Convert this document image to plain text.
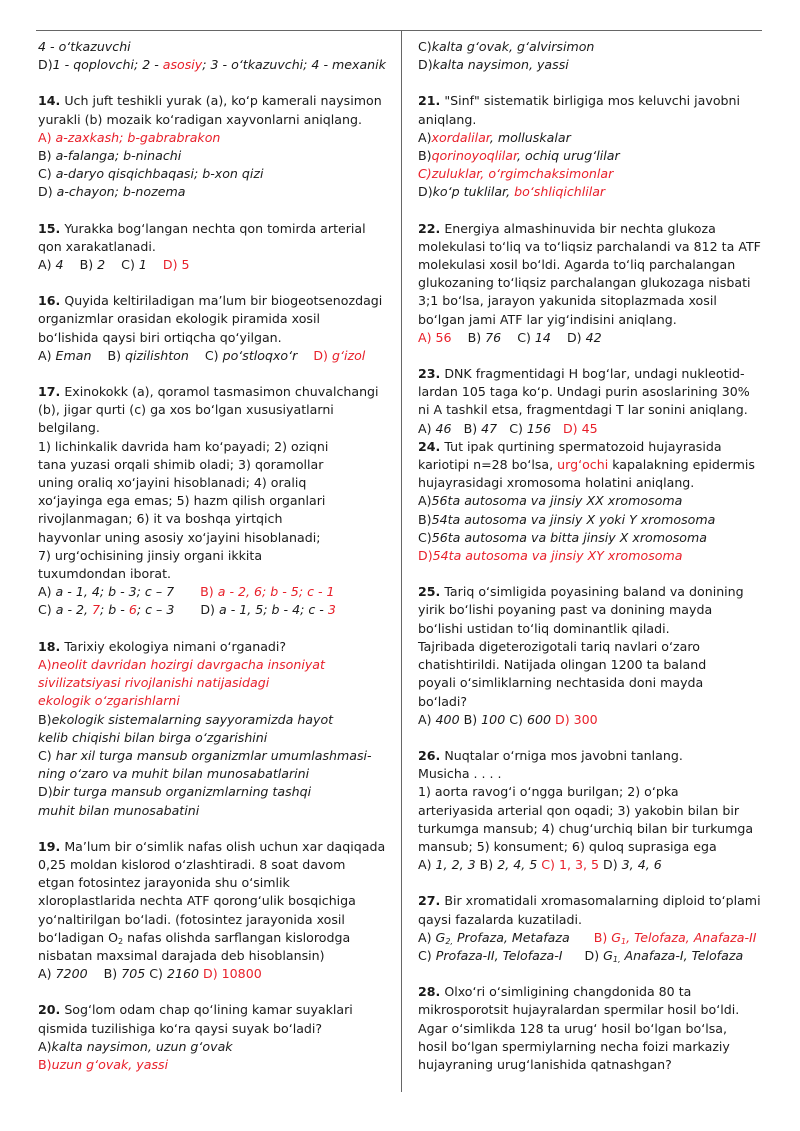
4 - o‘tkazuvchi
D)1 - qoplovchi; 2 - asosiy; 3 - o‘tkazuvchi; 4 - mexanik
14. Uch juft teshikli yurak (a), ko‘p kamerali naysimon
yurakli (b) mozaik ko‘radigan xayvonlarni aniqlang.
A) a-zaxkash; b-gabrabrakon
B) a-falanga; b-ninachi
C) a-daryo qisqichbaqasi; b-xon qizi
D) a-chayon; b-nozema
15. Yurakka bog‘langan nechta qon tomirda arterial
qon xarakatlanadi.
A) 4 B) 2 C) 1 D) 5
16. Quyida keltiriladigan ma’lum bir biogeotsenozdagi
organizmlar orasidan ekologik piramida xosil
bo‘lishida qaysi biri ortiqcha qo‘yilgan.
A) Eman B) qizilishton C) po‘stloqxo‘r D) g‘izol
17. Exinokokk (a), qoramol tasmasimon chuvalchangi
(b), jigar qurti (c) ga xos bo‘lgan xususiyatlarni
belgilang.
1) lichinkalik davrida ham ko‘payadi; 2) oziqni
tana yuzasi orqali shimib oladi; 3) qoramollar
uning oraliq xo‘jayini hisoblanadi; 4) oraliq
xo‘jayinga ega emas; 5) hazm qilish organlari
rivojlanmagan; 6) it va boshqa yirtqich
hayvonlar uning asosiy xo‘jayini hisoblanadi;
7) urg‘ochisining jinsiy organi ikkita
tuxumdondan iborat.
A) a - 1, 4; b - 3; c – 7 B) a - 2, 6; b - 5; c - 1
C) a - 2, 7; b - 6; c – 3 D) a - 1, 5; b - 4; c - 3
18. Tarixiy ekologiya nimani o‘rganadi?
A)neolit davridan hozirgi davrgacha insoniyat
sivilizatsiyasi rivojlanishi natijasidagi
ekologik o‘zgarishlarni
B)ekologik sistemalarning sayyoramizda hayot
kelib chiqishi bilan birga o‘zgarishini
C) har xil turga mansub organizmlar umumlashmasi-
ning o‘zaro va muhit bilan munosabatlarini
D)bir turga mansub organizmlarning tashqi
muhit bilan munosabatini
19. Ma’lum bir o‘simlik nafas olish uchun xar daqiqada
0,25 moldan kislorod o‘zlashtiradi. 8 soat davom
etgan fotosintez jarayonida shu o‘simlik
xloroplastlarida nechta ATF qorong‘ulik bosqichiga
yo‘naltirilgan bo‘ladi. (fotosintez jarayonida xosil
bo‘ladigan $O_2$ nafas olishda sarflangan kislorodga
nisbatan maxsimal darajada deb hisoblansin)
A) 7200 B) 705 C) 2160 D) 10800
20. Sog‘lom odam chap qo‘lining kamar suyaklari
qismida tuzilishiga ko‘ra qaysi suyak bo‘ladi?
A)kalta naysimon, uzun g‘ovak
B)uzun g‘ovak, yassi
C)kalta g‘ovak, g‘alvirsimon
D)kalta naysimon, yassi
21. "Sinf" sistematik birligiga mos keluvchi javobni
aniqlang.
A)xordalilar, molluskalar
B)qorinoyoqlilar, ochiq urug‘lilar
C)zuluklar, o‘rgimchaksimonlar
D)ko‘p tuklilar, bo‘shliqichlilar
22. Energiya almashinuvida bir nechta glukoza
molekulasi to‘liq va to‘liqsiz parchalandi va 812 ta ATF
molekulasi xosil bo‘ldi. Agarda to‘liq parchalangan
glukozaning to‘liqsiz parchalangan glukozaga nisbati
3;1 bo‘lsa, jarayon yakunida sitoplazmada xosil
bo‘lgan jami ATF lar yig‘indisini aniqlang.
A) 56 B) 76 C) 14 D) 42
23. DNK fragmentidagi H bog‘lar, undagi nukleotid-
lardan 105 taga ko‘p. Undagi purin asoslarining 30%
ni A tashkil etsa, fragmentdagi T lar sonini aniqlang.
A) 46 B) 47 C) 156 D) 45
24. Tut ipak qurtining spermatozoid hujayrasida
kariotipi n=28 bo‘lsa, urg‘ochi kapalakning epidermis
hujayrasidagi xromosoma holatini aniqlang.
A)56ta autosoma va jinsiy XX xromosoma
B)54ta autosoma va jinsiy X yoki Y xromosoma
C)56ta autosoma va bitta jinsiy X xromosoma
D)54ta autosoma va jinsiy XY xromosoma
25. Tariq o‘simligida poyasining baland va donining
yirik bo‘lishi poyaning past va donining mayda
bo‘lishi ustidan to‘liq dominantlik qiladi.
Tajribada digeterozigotali tariq navlari o‘zaro
chatishtirildi. Natijada olingan 1200 ta baland
poyali o‘simliklarning nechtasida doni mayda
bo‘ladi?
A) 400 B) 100 C) 600 D) 300
26. Nuqtalar o‘rniga mos javobni tanlang.
Musicha . . . .
1) aorta ravog‘i o‘ngga burilgan; 2) o‘pka
arteriyasida arterial qon oqadi; 3) yakobin bilan bir
turkumga mansub; 4) chug‘urchiq bilan bir turkumga
mansub; 5) konsument; 6) quloq suprasiga ega
A) 1, 2, 3 B) 2, 4, 5 C) 1, 3, 5 D) 3, 4, 6
27. Bir xromatidali xromasomalarning diploid to‘plami
qaysi fazalarda kuzatiladi.
A) $G_{2,}$ Profaza, Metafaza B) $G_1$, Telofaza, Anafaza-II
C) Profaza-II, Telofaza-I D) $G_{1,}$ Anafaza-I, Telofaza
28. Olxo‘ri o‘simligining changdonida 80 ta
mikrosporotsit hujayralardan spermilar hosil bo‘ldi.
Agar o‘simlikda 128 ta urug‘ hosil bo‘lgan bo‘lsa,
hosil bo‘lgan spermiylarning necha foizi markaziy
hujayraning urug‘lanishida qatnashgan?
